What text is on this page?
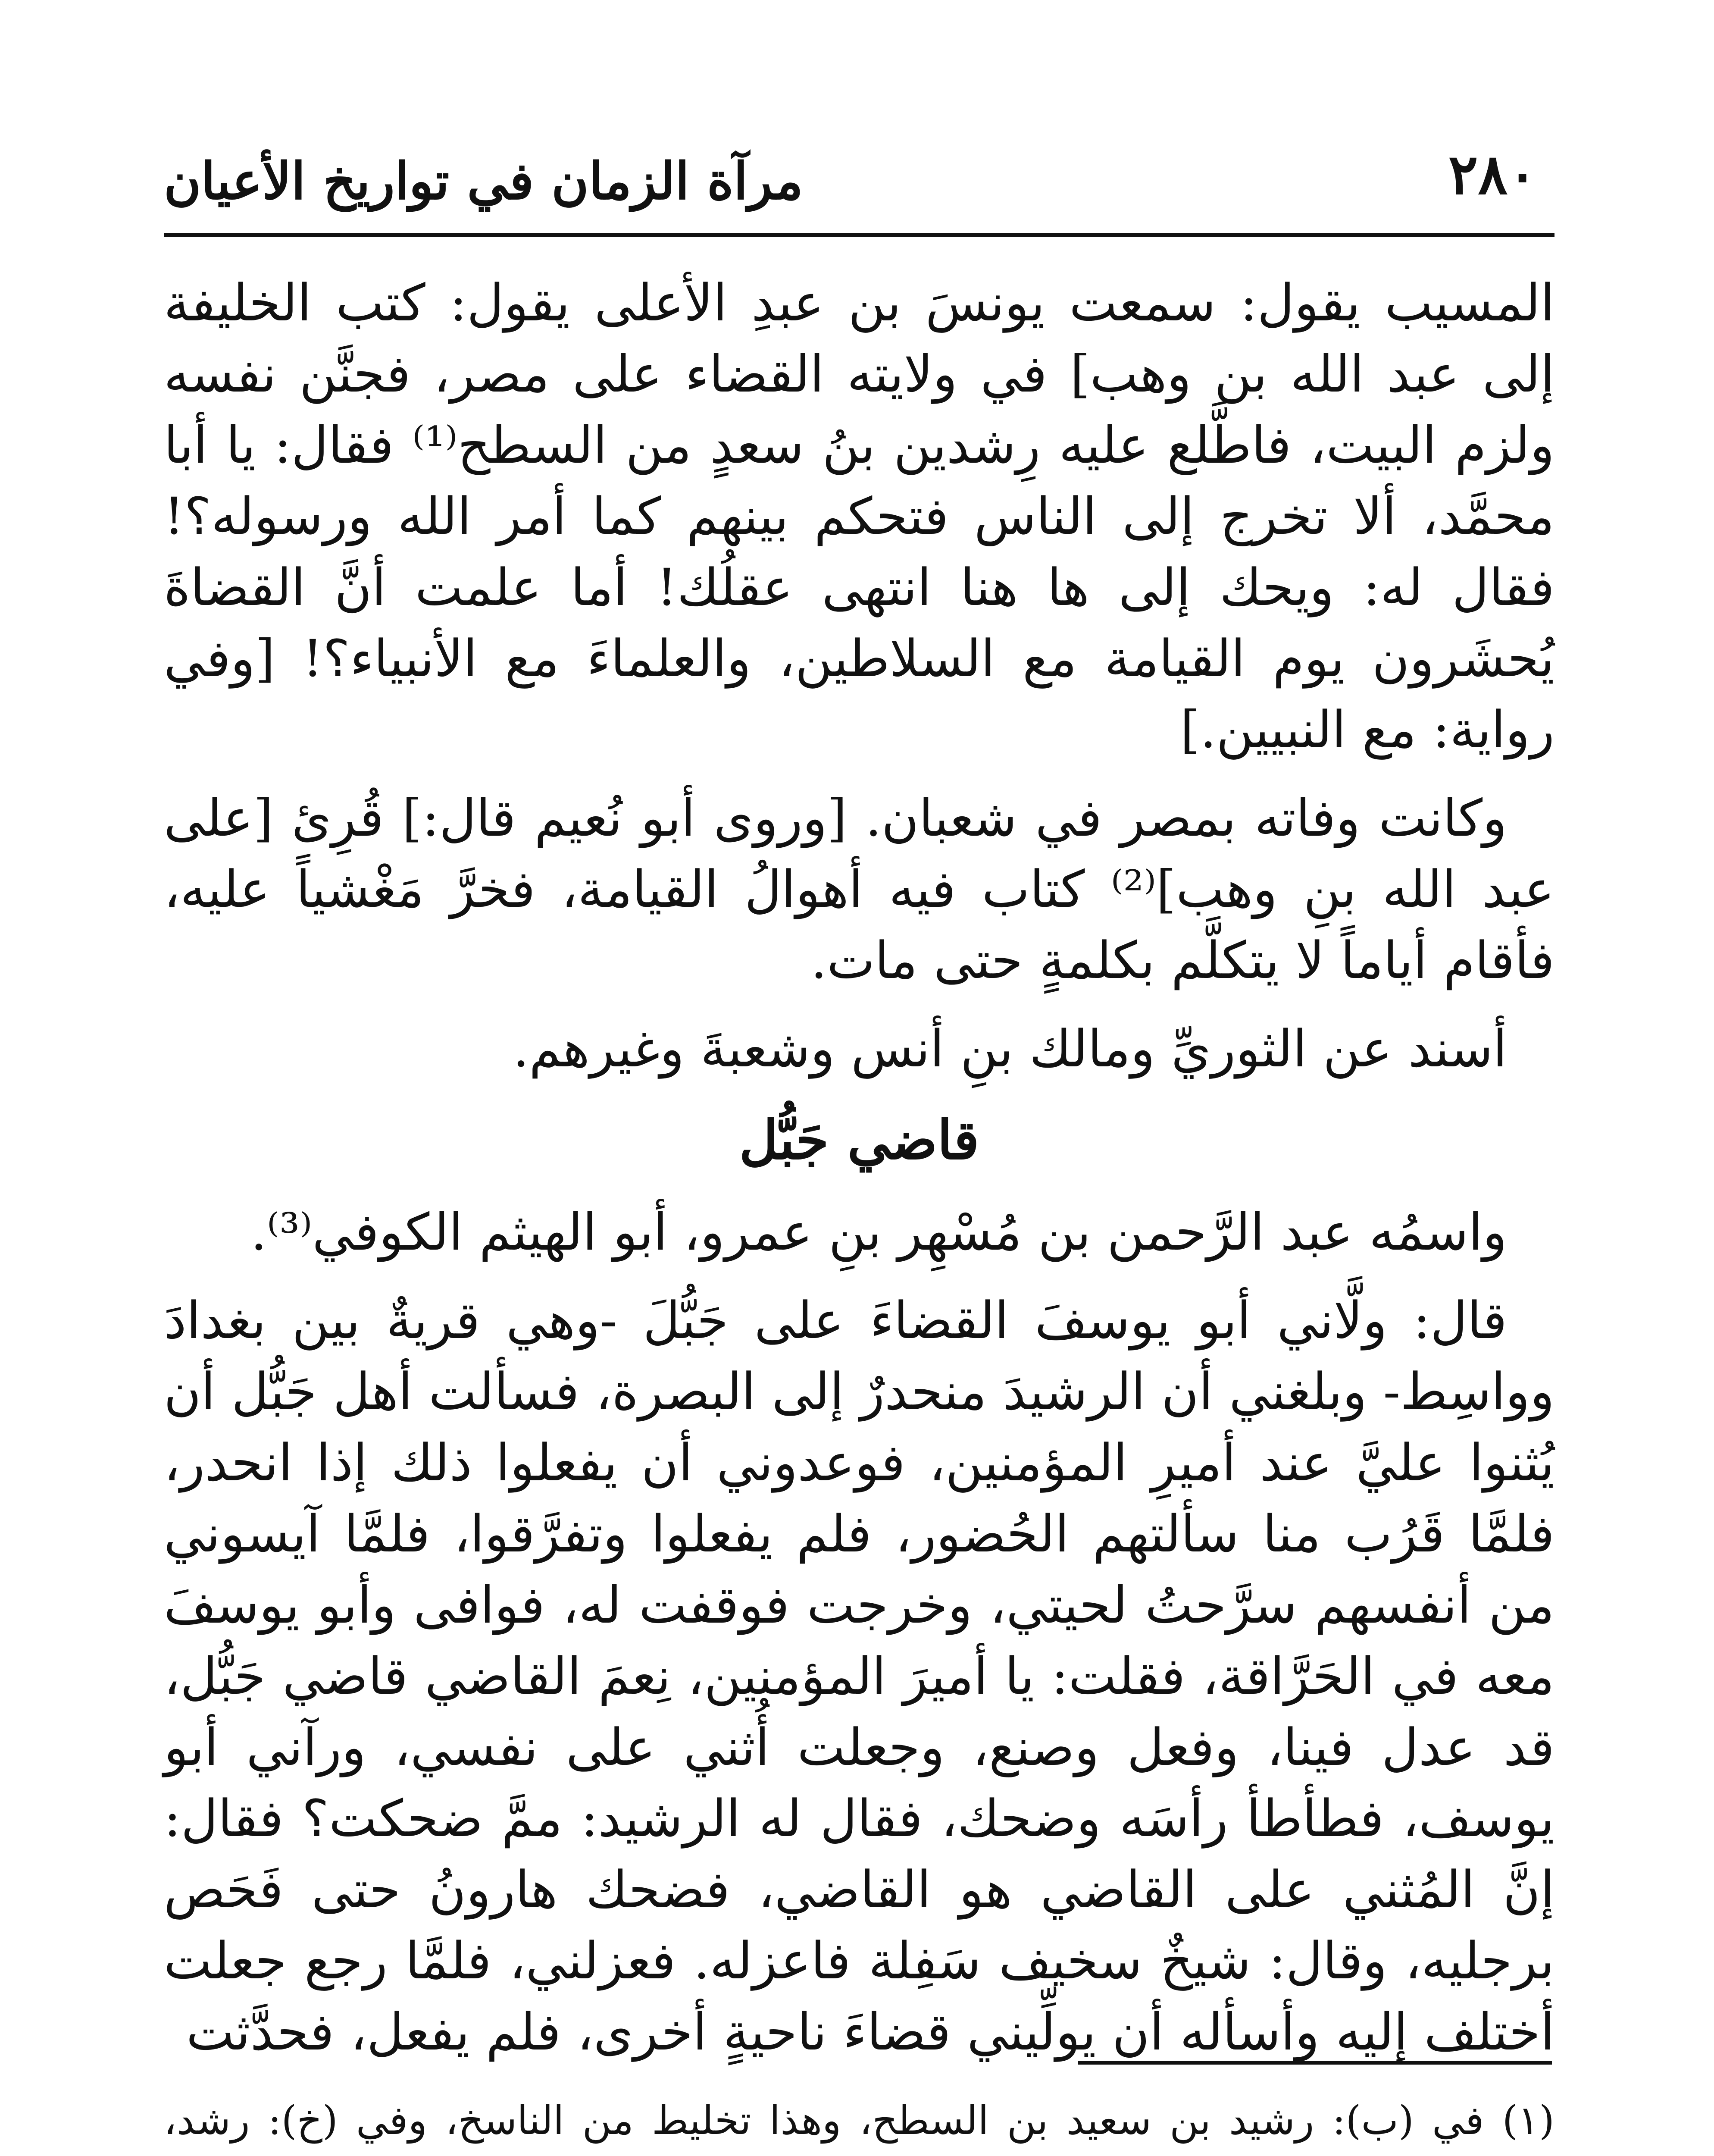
مرآة الزمان في تواريخ الأعيان	٢٨٠

المسيب يقول: سمعت يونسَ بن عبدِ الأعلى يقول: كتب الخليفة إلى عبد الله بن وهب] في ولايته القضاء على مصر، فجنَّن نفسه ولزم البيت، فاطَّلع عليه رِشدين بنُ سعدٍ من السطح⁽¹⁾ فقال: يا أبا محمَّد، ألا تخرج إلى الناس فتحكم بينهم كما أمر الله ورسوله؟! فقال له: ويحك إلى ها هنا انتهى عقلُك! أما علمت أنَّ القضاةَ يُحشَرون يوم القيامة مع السلاطين، والعلماءَ مع الأنبياء؟! [وفي رواية: مع النبيين.]

وكانت وفاته بمصر في شعبان. [وروى أبو نُعيم قال:] قُرِئ [على عبد الله بنِ وهب]⁽²⁾ كتاب فيه أهوالُ القيامة، فخرَّ مَغْشياً عليه، فأقام أياماً لا يتكلَّم بكلمةٍ حتى مات.

أسند عن الثوريِّ ومالك بنِ أنس وشعبةَ وغيرهم.

قاضي جَبُّل

واسمُه عبد الرَّحمن بن مُسْهِر بنِ عمرو، أبو الهيثم الكوفي⁽³⁾.

قال: ولَّاني أبو يوسفَ القضاءَ على جَبُّلَ -وهي قريةٌ بين بغدادَ وواسِط- وبلغني أن الرشيدَ منحدرٌ إلى البصرة، فسألت أهل جَبُّل أن يُثنوا عليَّ عند أميرِ المؤمنين، فوعدوني أن يفعلوا ذلك إذا انحدر، فلمَّا قَرُب منا سألتهم الحُضور، فلم يفعلوا وتفرَّقوا، فلمَّا آيسوني من أنفسهم سرَّحتُ لحيتي، وخرجت فوقفت له، فوافى وأبو يوسفَ معه في الحَرَّاقة، فقلت: يا أميرَ المؤمنين، نِعمَ القاضي قاضي جَبُّل، قد عدل فينا، وفعل وصنع، وجعلت أُثني على نفسي، ورآني أبو يوسف، فطأطأ رأسَه وضحك، فقال له الرشيد: ممَّ ضحكت؟ فقال: إنَّ المُثني على القاضي هو القاضي، فضحك هارونُ حتى فَحَص برجليه، وقال: شيخٌ سخيف سَفِلة فاعزله. فعزلني، فلمَّا رجع جعلت أختلف إليه وأسأله أن يولِّيني قضاءَ ناحيةٍ أخرى، فلم يفعل، فحدَّثت

(١) في (ب): رشيد بن سعيد بن السطح، وهذا تخليط من الناسخ، وفي (خ): رشد،
